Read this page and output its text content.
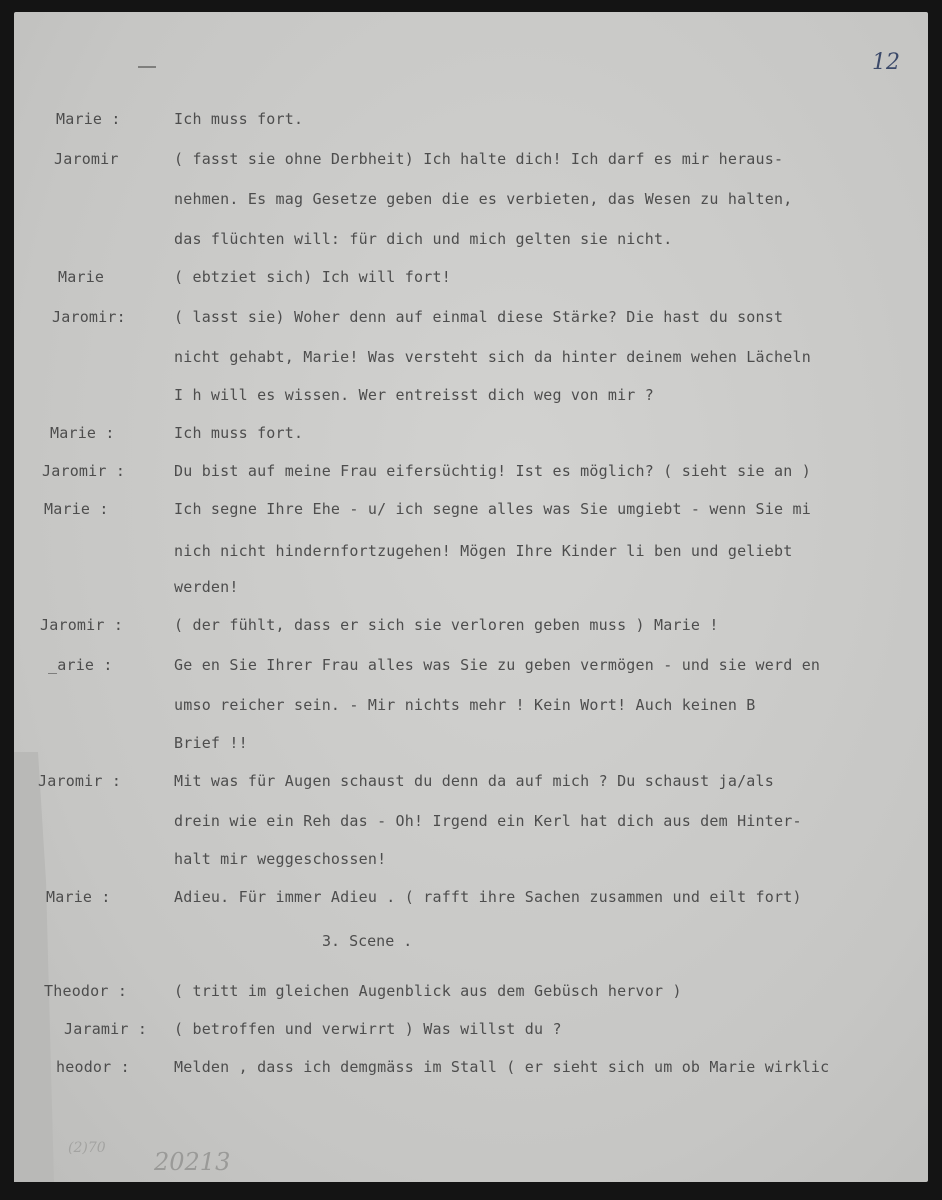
12
Marie :	Ich muss fort.
Jaromir	( fasst sie ohne Derbheit) Ich halte dich! Ich darf es mir heraus-
nehmen. Es mag Gesetze geben die es verbieten, das Wesen zu halten,
das flüchten will: für dich und mich gelten sie nicht.
Marie	( ebtziet sich) Ich will fort!
Jaromir:	( lasst sie) Woher denn auf einmal diese Stärke? Die hast du sonst
nicht gehabt, Marie! Was versteht sich da hinter deinem wehen Lächeln
I h will es wissen. Wer entreisst dich weg von mir ?
Marie :	Ich muss fort.
Jaromir :	Du bist auf meine Frau eifersüchtig! Ist es möglich? ( sieht sie an )
Marie :	Ich segne Ihre Ehe - u/ ich segne alles was Sie umgiebt - wenn Sie mi
nich nicht hindernfortzugehen! Mögen Ihre Kinder li ben und geliebt
werden!
Jaromir :	( der fühlt, dass er sich sie verloren geben muss ) Marie !
_arie :	Ge en Sie Ihrer Frau alles was Sie zu geben vermögen - und sie werd en
umso reicher sein. - Mir nichts mehr ! Kein Wort! Auch keinen B
Brief !!
Jaromir :	Mit was für Augen schaust du denn da auf mich ? Du schaust ja/als
drein wie ein Reh das - Oh! Irgend ein Kerl hat dich aus dem Hinter-
halt mir weggeschossen!
Marie :	Adieu. Für immer Adieu . ( rafft ihre Sachen zusammen und eilt fort)
Theodor :	( tritt im gleichen Augenblick aus dem Gebüsch hervor )
Jaramir : ( betroffen und verwirrt ) Was willst du ?
heodor :	Melden , dass ich demgmäss im Stall ( er sieht sich um ob Marie wirklic
3. Scene .
(2)70 20213
